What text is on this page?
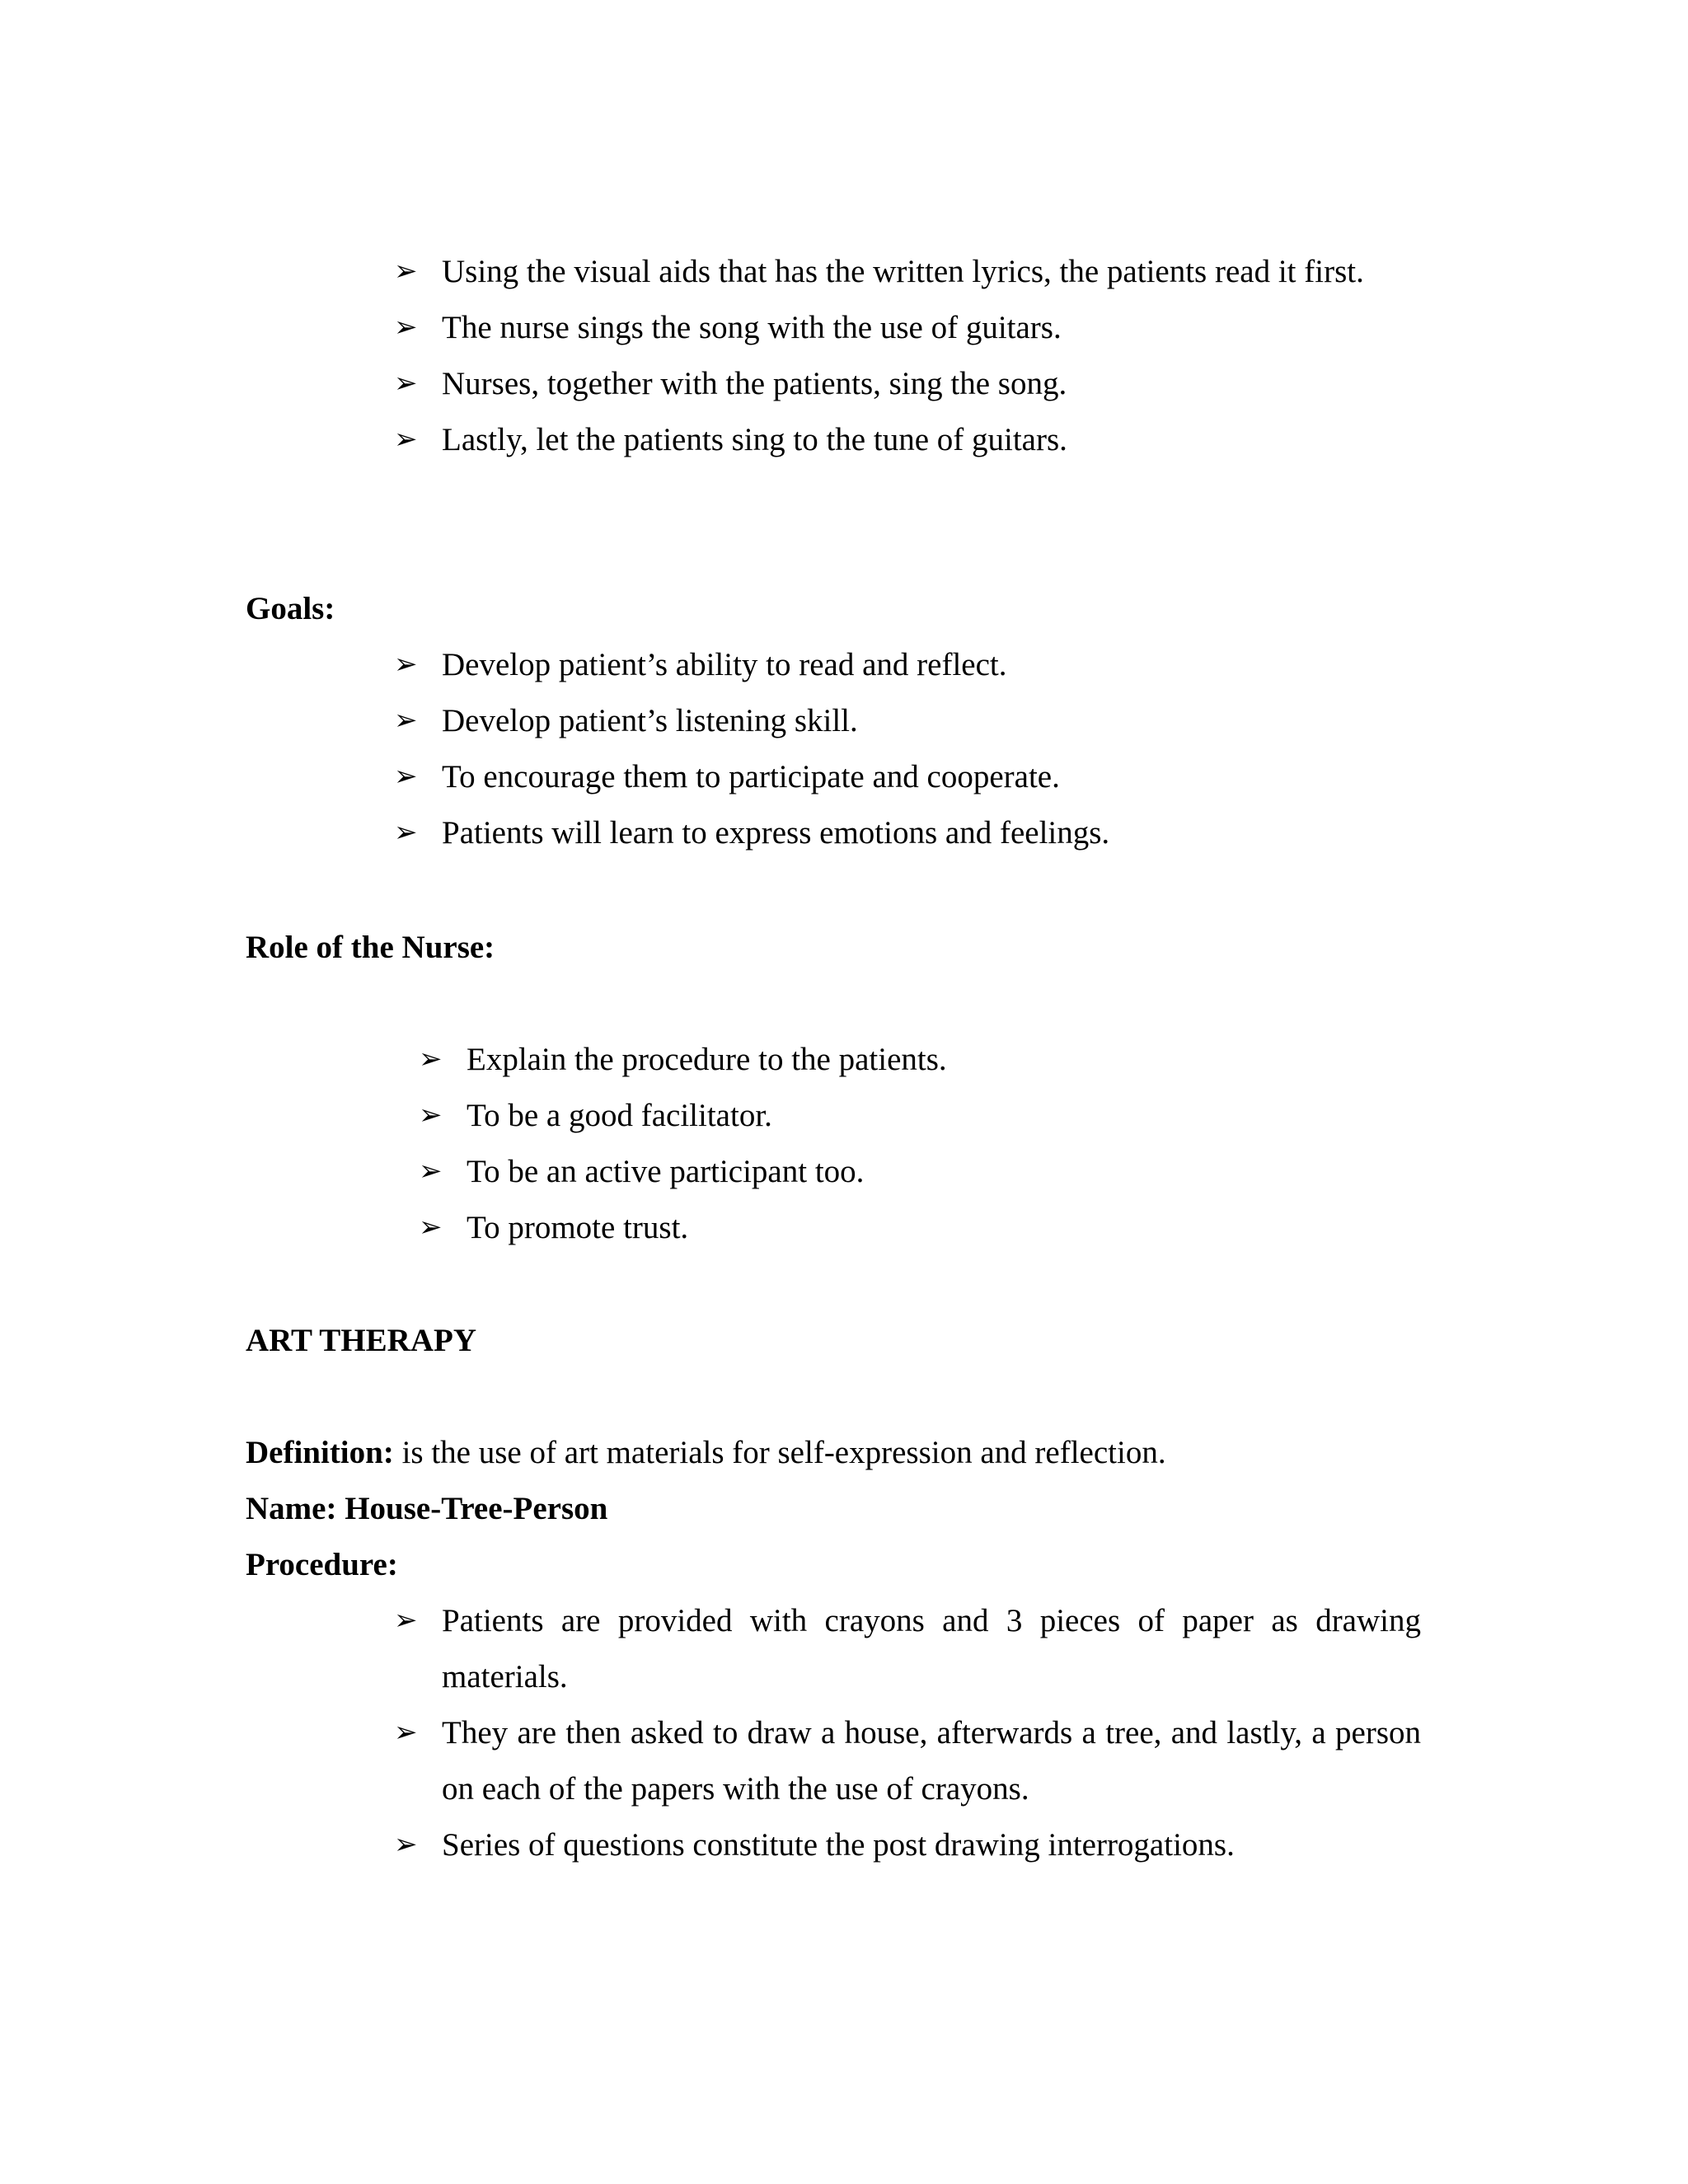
➢ Using the visual aids that has the written lyrics, the patients read it first.
➢ The nurse sings the song with the use of guitars.
➢ Nurses, together with the patients, sing the song.
➢ Lastly, let the patients sing to the tune of guitars.
Goals:
➢ Develop patient’s ability to read and reflect.
➢ Develop patient’s listening skill.
➢ To encourage them to participate and cooperate.
➢ Patients will learn to express emotions and feelings.
Role of the Nurse:
➢ Explain the procedure to the patients.
➢ To be a good facilitator.
➢ To be an active participant too.
➢ To promote trust.
ART THERAPY
Definition: is the use of art materials for self-expression and reflection.
Name: House-Tree-Person
Procedure:
➢ Patients are provided with crayons and 3 pieces of paper as drawing
materials.
➢ They are then asked to draw a house, afterwards a tree, and lastly, a person
on each of the papers with the use of crayons.
➢ Series of questions constitute the post drawing interrogations.
